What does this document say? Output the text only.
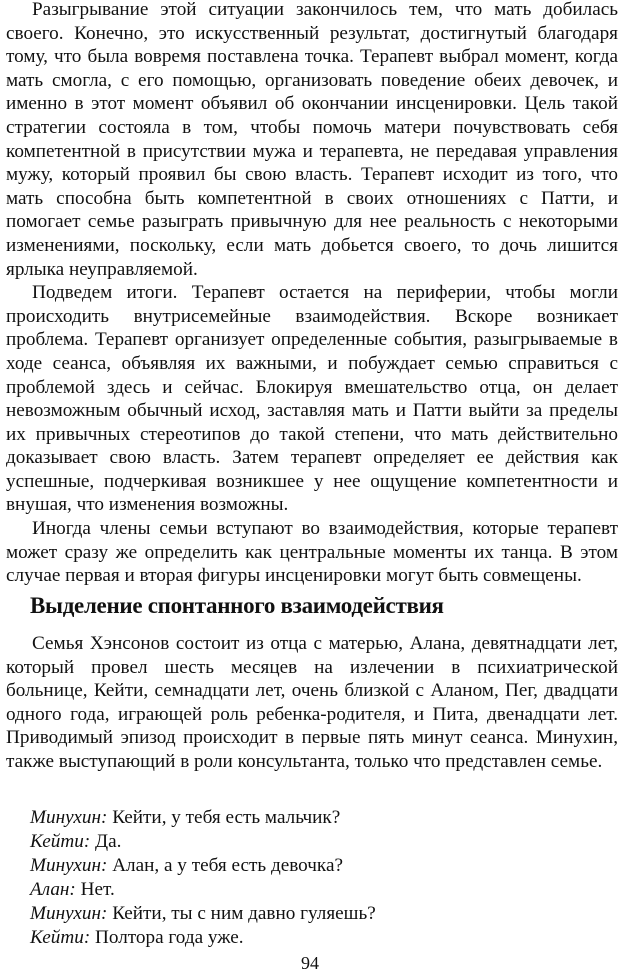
Разыгрывание этой ситуации закончилось тем, что мать добилась своего. Конечно, это искусственный результат, достигнутый благодаря тому, что была вовремя поставлена точка. Терапевт выбрал момент, когда мать смогла, с его помощью, организовать поведение обеих девочек, и именно в этот момент объявил об окончании инсценировки. Цель такой стратегии состояла в том, чтобы помочь матери почувствовать себя компетентной в присутствии мужа и терапевта, не передавая управления мужу, который проявил бы свою власть. Терапевт исходит из того, что мать способна быть компетентной в своих отношениях с Патти, и помогает семье разыграть привычную для нее реальность с некоторыми изменениями, поскольку, если мать добьется своего, то дочь лишится ярлыка неуправляемой.

Подведем итоги. Терапевт остается на периферии, чтобы могли происходить внутрисемейные взаимодействия. Вскоре возникает проблема. Терапевт организует определенные события, разыгрываемые в ходе сеанса, объявляя их важными, и побуждает семью справиться с проблемой здесь и сейчас. Блокируя вмешательство отца, он делает невозможным обычный исход, заставляя мать и Патти выйти за пределы их привычных стереотипов до такой степени, что мать действительно доказывает свою власть. Затем терапевт определяет ее действия как успешные, подчеркивая возникшее у нее ощущение компетентности и внушая, что изменения возможны.

Иногда члены семьи вступают во взаимодействия, которые терапевт может сразу же определить как центральные моменты их танца. В этом случае первая и вторая фигуры инсценировки могут быть совмещены.

Выделение спонтанного взаимодействия

Семья Хэнсонов состоит из отца с матерью, Алана, девятнадцати лет, который провел шесть месяцев на излечении в психиатрической больнице, Кейти, семнадцати лет, очень близкой с Аланом, Пег, двадцати одного года, играющей роль ребенка-родителя, и Пита, двенадцати лет. Приводимый эпизод происходит в первые пять минут сеанса. Минухин, также выступающий в роли консультанта, только что представлен семье.

Минухин: Кейти, у тебя есть мальчик?
Кейти: Да.
Минухин: Алан, а у тебя есть девочка?
Алан: Нет.
Минухин: Кейти, ты с ним давно гуляешь?
Кейти: Полтора года уже.
94
